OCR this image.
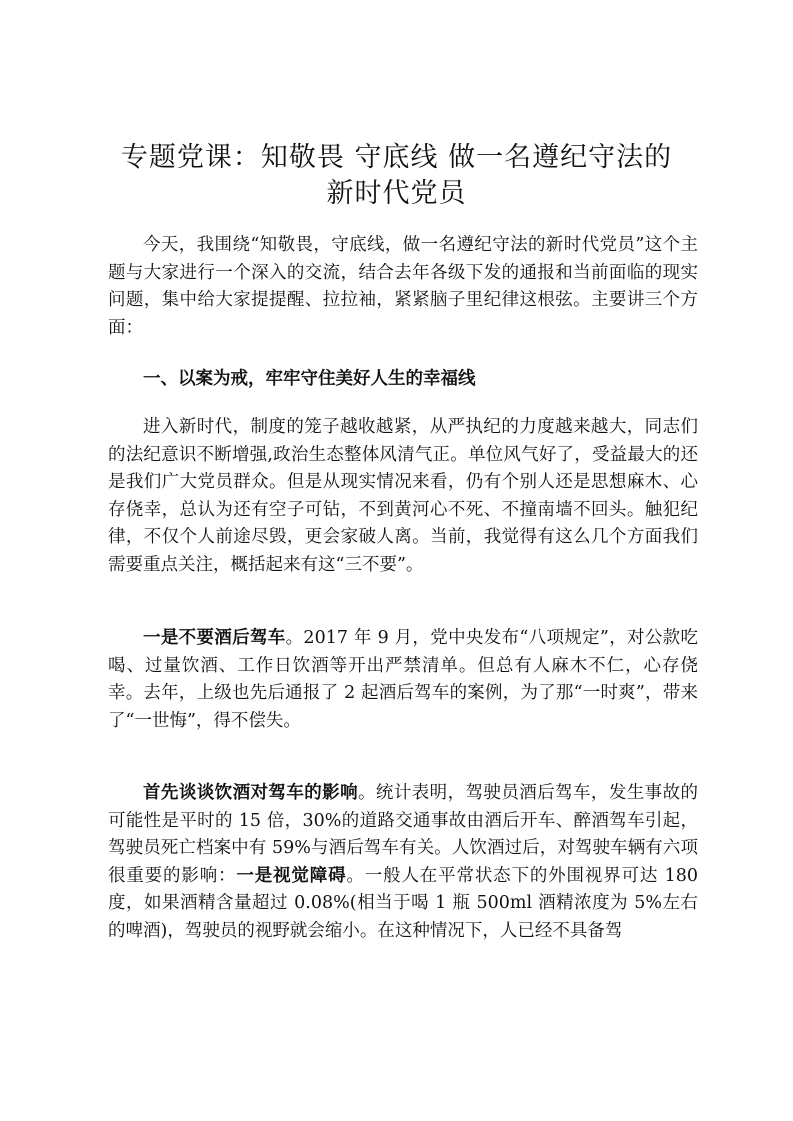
专题党课：知敬畏 守底线 做一名遵纪守法的
新时代党员

今天，我围绕“知敬畏，守底线，做一名遵纪守法的新时代党员”这个主题与大家进行一个深入的交流，结合去年各级下发的通报和当前面临的现实问题，集中给大家提提醒、拉拉袖，紧紧脑子里纪律这根弦。主要讲三个方面：

一、以案为戒，牢牢守住美好人生的幸福线

进入新时代，制度的笼子越收越紧，从严执纪的力度越来越大，同志们的法纪意识不断增强,政治生态整体风清气正。单位风气好了，受益最大的还是我们广大党员群众。但是从现实情况来看，仍有个别人还是思想麻木、心存侥幸，总认为还有空子可钻，不到黄河心不死、不撞南墙不回头。触犯纪律，不仅个人前途尽毁，更会家破人离。当前，我觉得有这么几个方面我们需要重点关注，概括起来有这“三不要”。

一是不要酒后驾车。2017 年 9 月，党中央发布“八项规定”，对公款吃喝、过量饮酒、工作日饮酒等开出严禁清单。但总有人麻木不仁，心存侥幸。去年，上级也先后通报了 2 起酒后驾车的案例，为了那“一时爽”，带来了“一世悔”，得不偿失。

首先谈谈饮酒对驾车的影响。统计表明，驾驶员酒后驾车，发生事故的可能性是平时的 15 倍，30%的道路交通事故由酒后开车、醉酒驾车引起，驾驶员死亡档案中有 59%与酒后驾车有关。人饮酒过后，对驾驶车辆有六项很重要的影响：一是视觉障碍。一般人在平常状态下的外围视界可达 180 度，如果酒精含量超过 0.08%(相当于喝 1 瓶 500ml 酒精浓度为 5%左右的啤酒)，驾驶员的视野就会缩小。在这种情况下，人已经不具备驾
